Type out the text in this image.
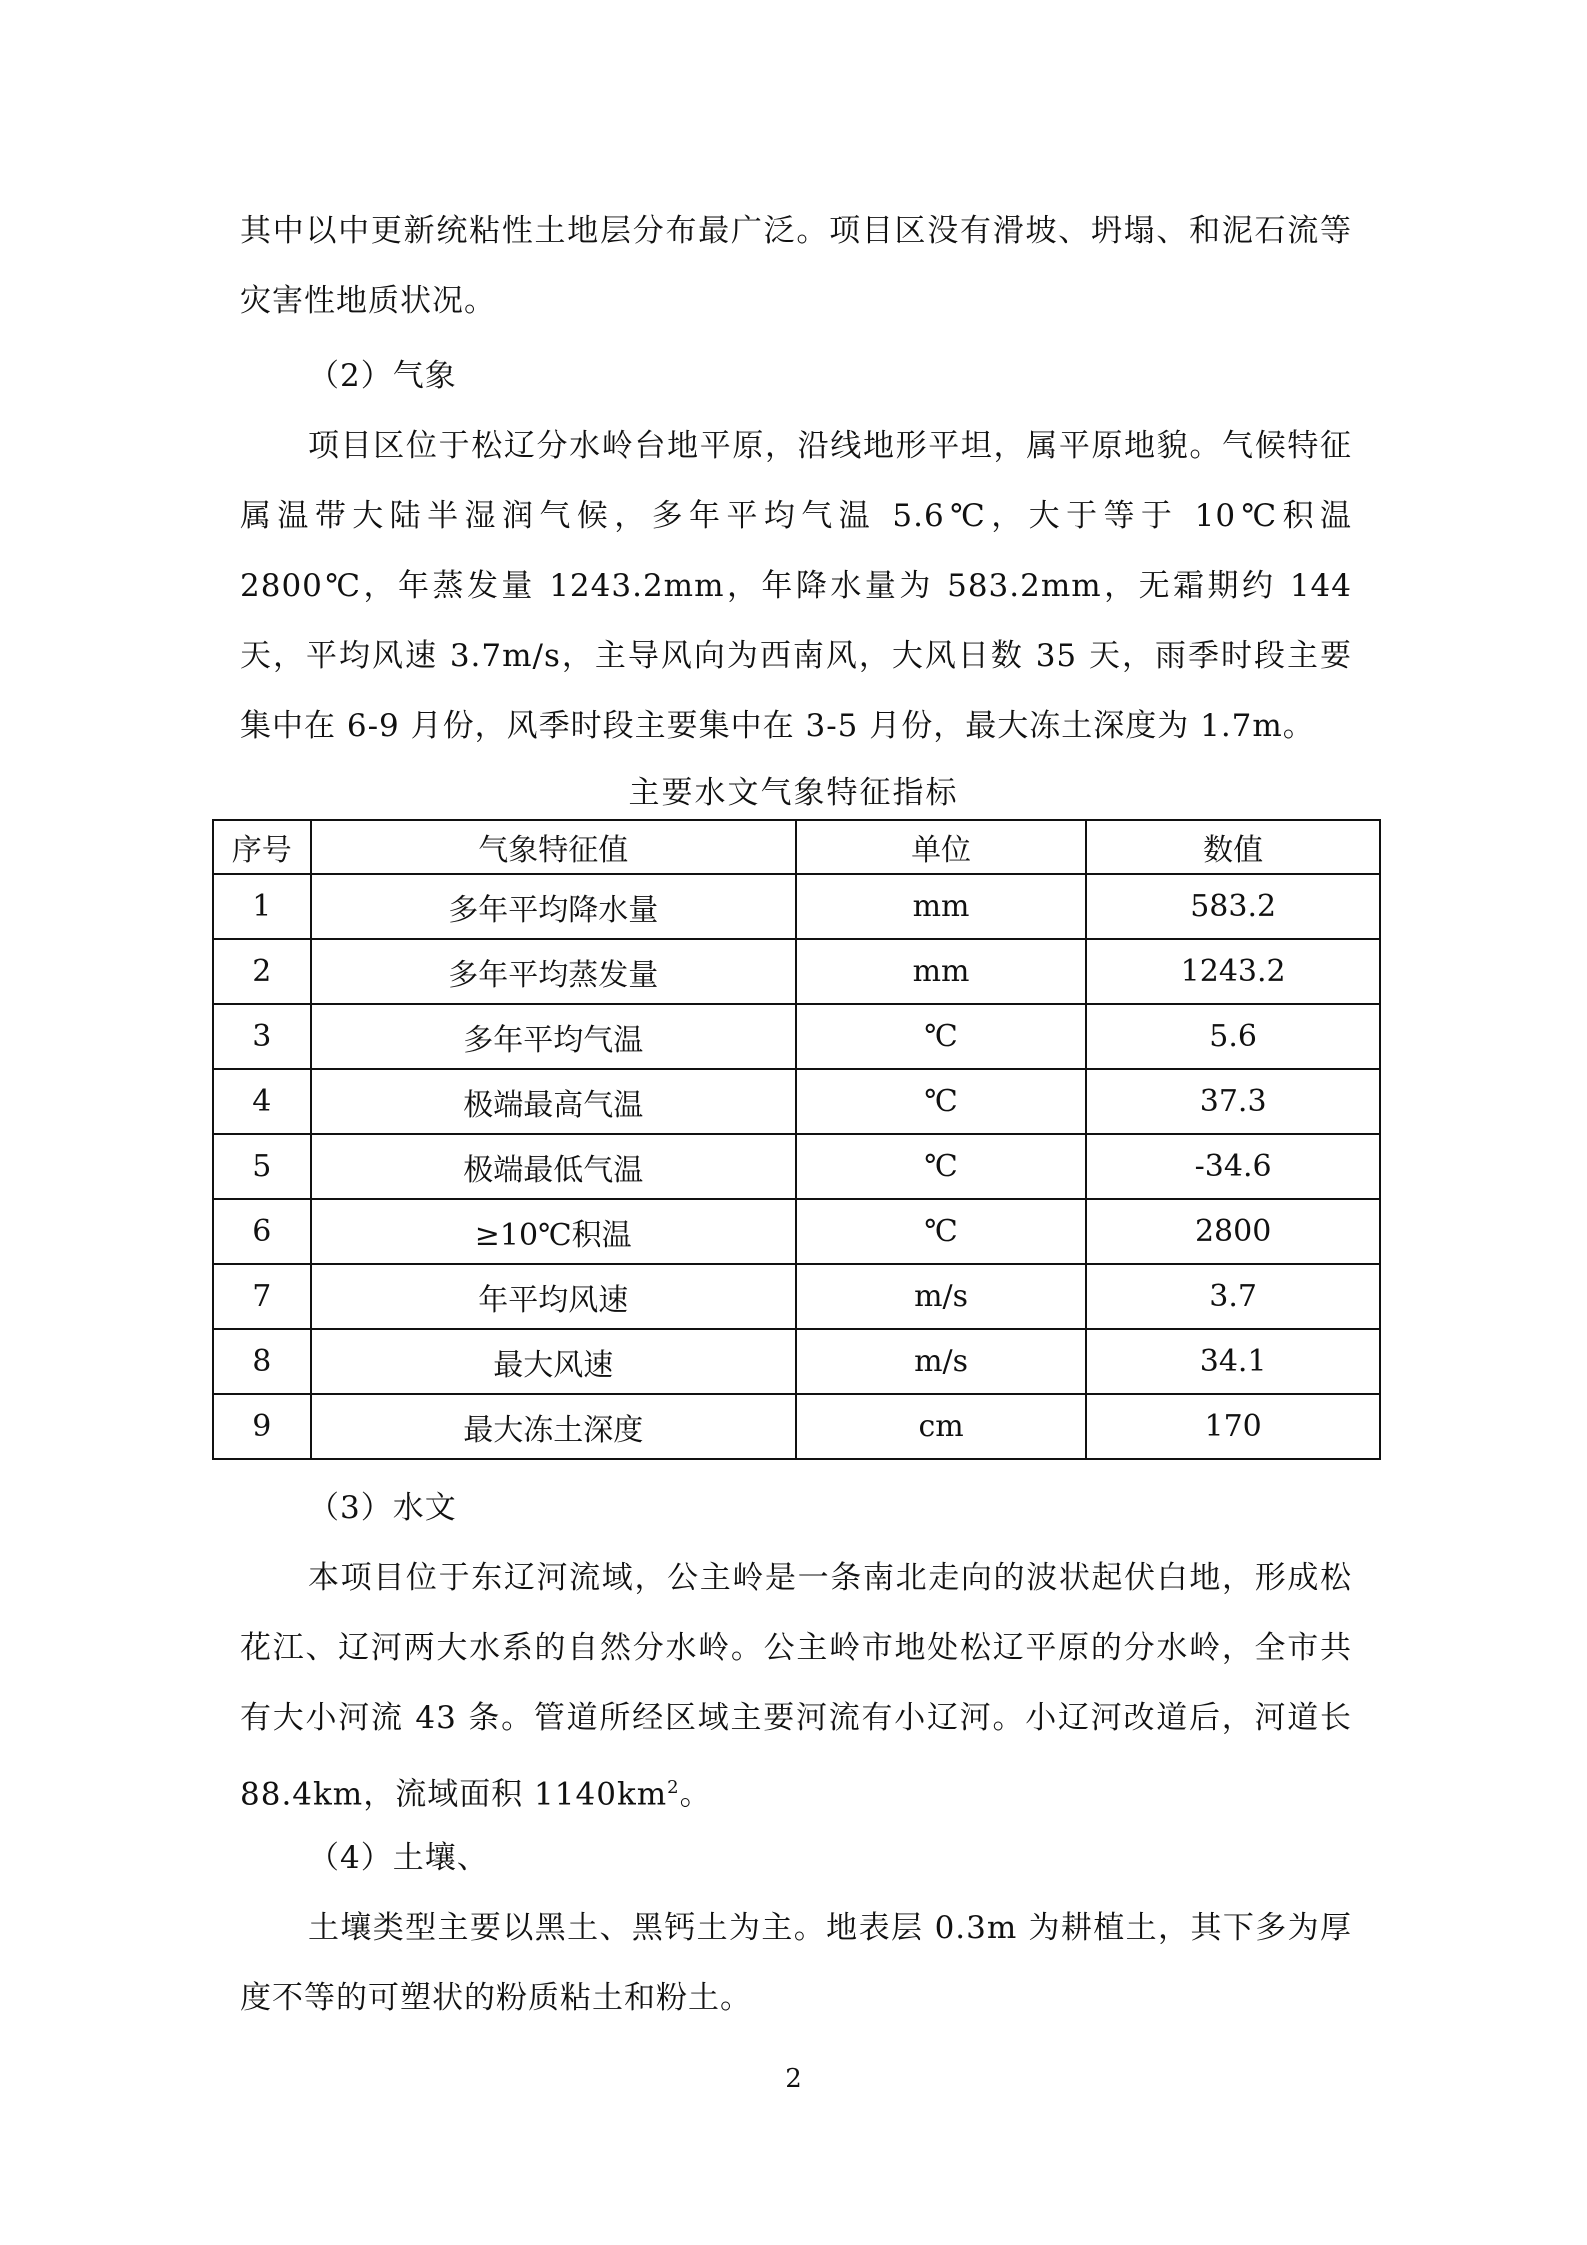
其中以中更新统粘性土地层分布最广泛。项目区没有滑坡、坍塌、和泥石流等灾害性地质状况。

（2）气象

项目区位于松辽分水岭台地平原，沿线地形平坦，属平原地貌。气候特征属温带大陆半湿润气候，多年平均气温 5.6℃，大于等于 10℃积温 2800℃，年蒸发量 1243.2mm，年降水量为 583.2mm，无霜期约 144 天，平均风速 3.7m/s，主导风向为西南风，大风日数 35 天，雨季时段主要集中在 6-9 月份，风季时段主要集中在 3-5 月份，最大冻土深度为 1.7m。

主要水文气象特征指标
序号	气象特征值	单位	数值
1	多年平均降水量	mm	583.2
2	多年平均蒸发量	mm	1243.2
3	多年平均气温	℃	5.6
4	极端最高气温	℃	37.3
5	极端最低气温	℃	-34.6
6	≥10℃积温	℃	2800
7	年平均风速	m/s	3.7
8	最大风速	m/s	34.1
9	最大冻土深度	cm	170

（3）水文

本项目位于东辽河流域，公主岭是一条南北走向的波状起伏白地，形成松花江、辽河两大水系的自然分水岭。公主岭市地处松辽平原的分水岭，全市共有大小河流 43 条。管道所经区域主要河流有小辽河。小辽河改道后，河道长 88.4km，流域面积 $1140km^2$。

（4）土壤、

土壤类型主要以黑土、黑钙土为主。地表层 0.3m 为耕植土，其下多为厚度不等的可塑状的粉质粘土和粉土。

2
